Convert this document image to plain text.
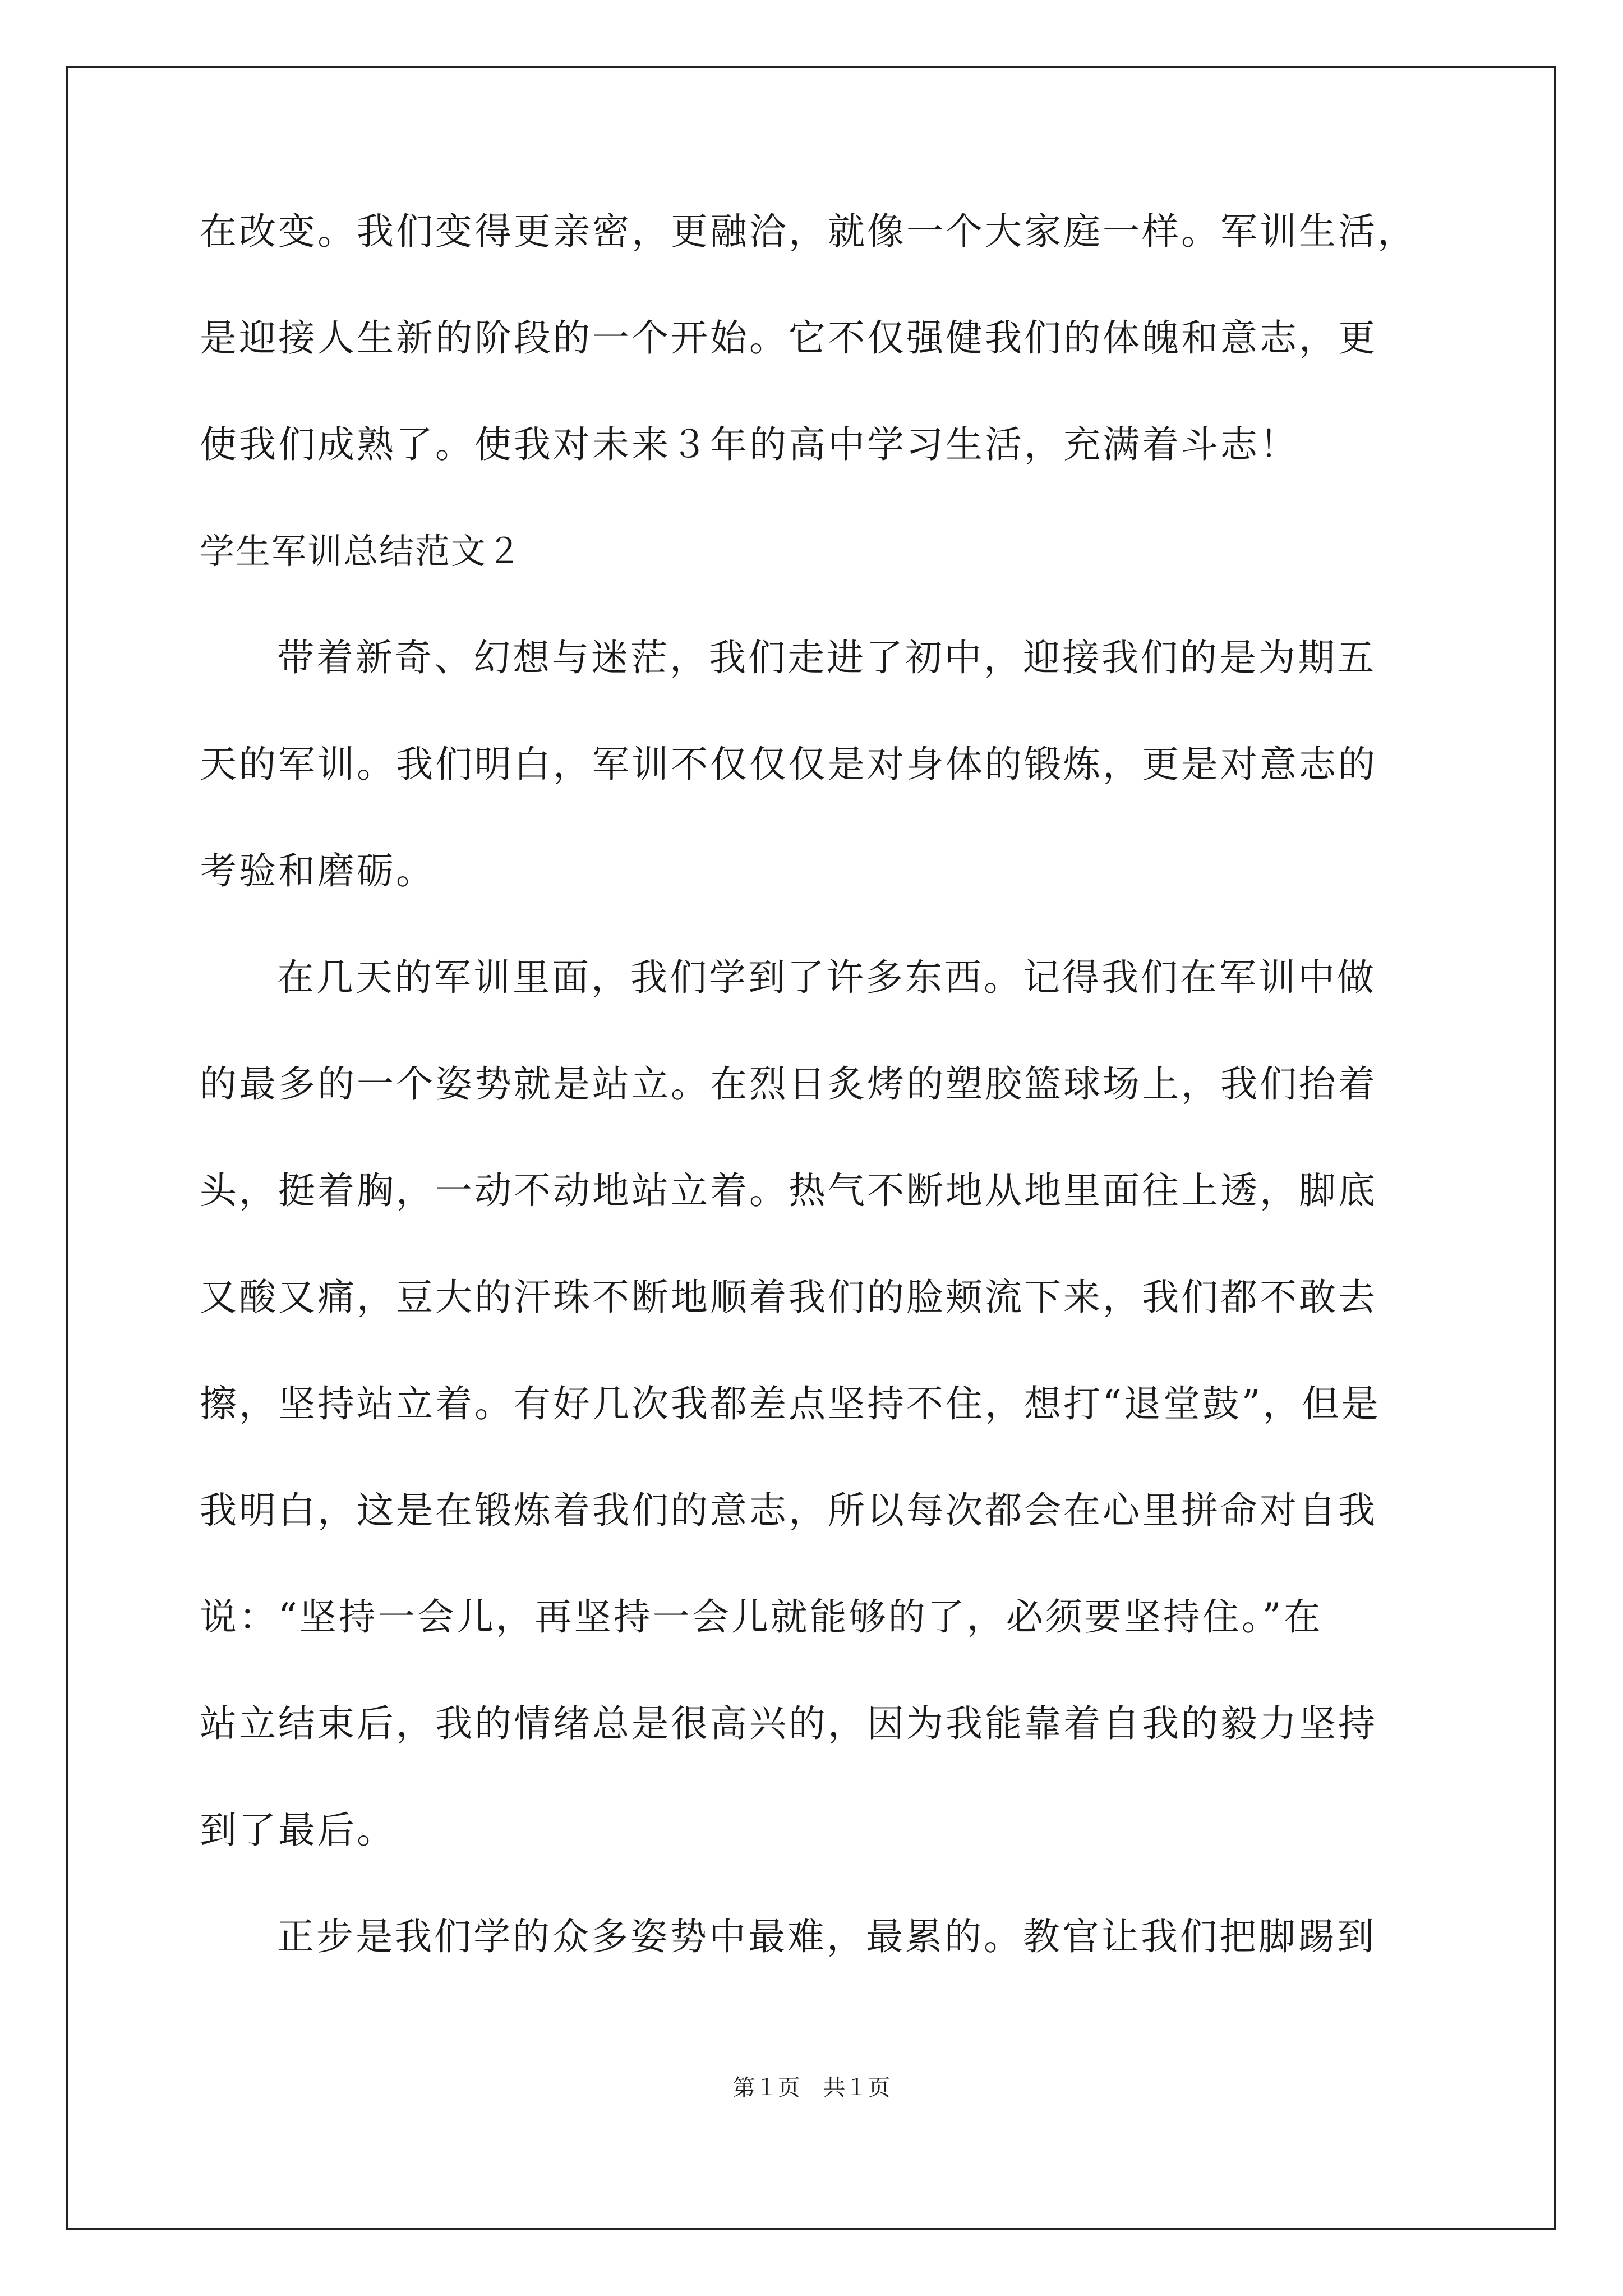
在改变。我们变得更亲密，更融洽，就像一个大家庭一样。军训生活，
是迎接人生新的阶段的一个开始。它不仅强健我们的体魄和意志，更
使我们成熟了。使我对未来３年的高中学习生活，充满着斗志！
学生军训总结范文２
带着新奇、幻想与迷茫，我们走进了初中，迎接我们的是为期五
天的军训。我们明白，军训不仅仅仅是对身体的锻炼，更是对意志的
考验和磨砺。
在几天的军训里面，我们学到了许多东西。记得我们在军训中做
的最多的一个姿势就是站立。在烈日炙烤的塑胶篮球场上，我们抬着
头，挺着胸，一动不动地站立着。热气不断地从地里面往上透，脚底
又酸又痛，豆大的汗珠不断地顺着我们的脸颊流下来，我们都不敢去
擦，坚持站立着。有好几次我都差点坚持不住，想打“退堂鼓”，但是
我明白，这是在锻炼着我们的意志，所以每次都会在心里拼命对自我
说：“坚持一会儿，再坚持一会儿就能够的了，必须要坚持住。”在
站立结束后，我的情绪总是很高兴的，因为我能靠着自我的毅力坚持
到了最后。
正步是我们学的众多姿势中最难，最累的。教官让我们把脚踢到
第１页 共１页
